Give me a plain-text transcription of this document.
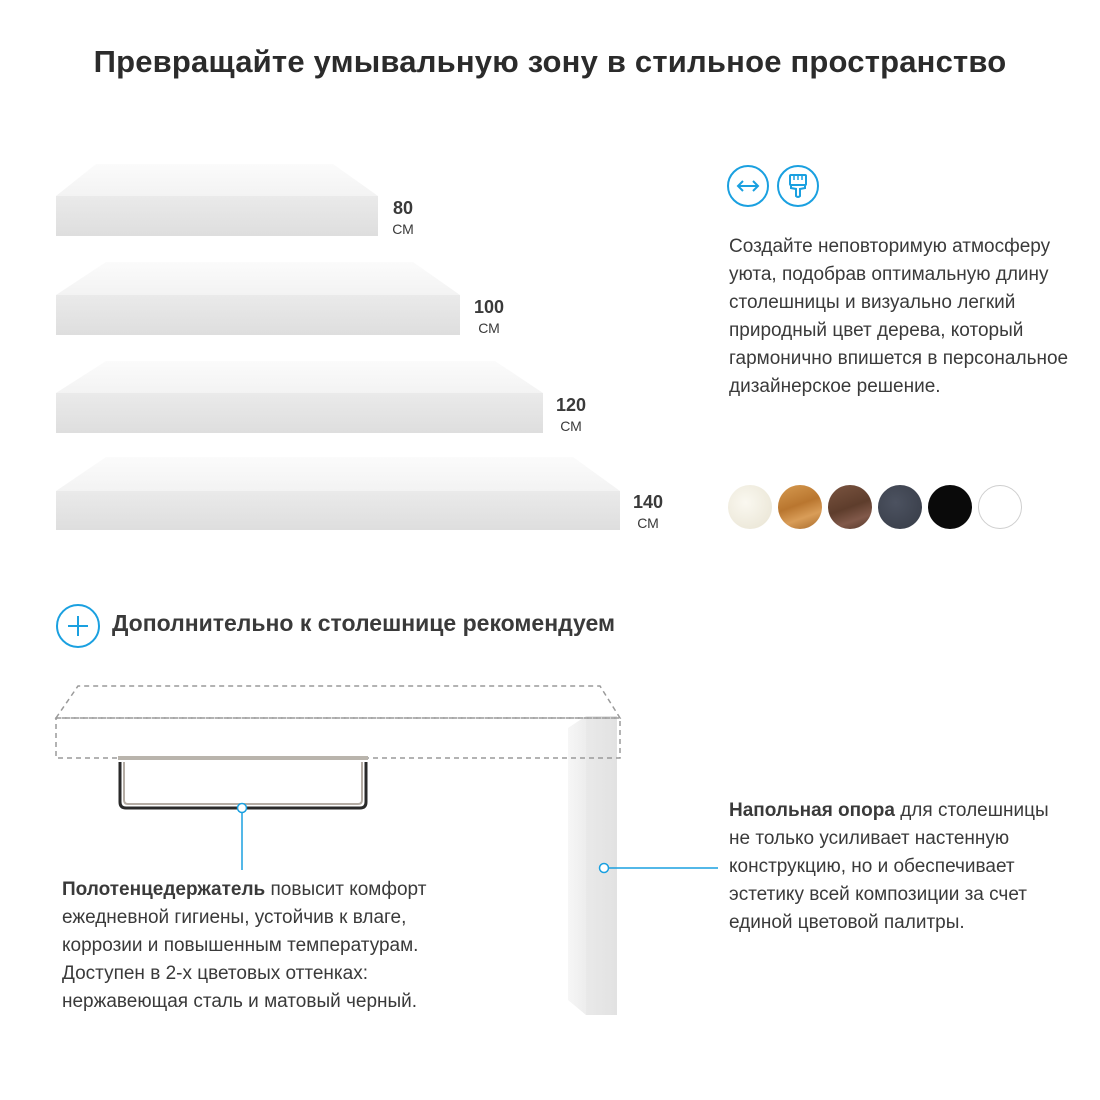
Превращайте умывальную зону в стильное пространство
80
СМ
100
СМ
120
СМ
140
СМ
Создайте неповторимую атмосферу уюта, подобрав оптимальную длину столешницы и визуально легкий природный цвет дерева, который гармонично впишется в персональное дизайнерское решение.
Дополнительно к столешнице рекомендуем
Полотенцедержатель повысит комфорт ежедневной гигиены, устойчив к влаге, коррозии и повышенным температурам. Доступен в 2-х цветовых оттенках: нержавеющая сталь и матовый черный.
Напольная опора для столешницы не только усиливает настенную конструкцию, но и обеспечивает эстетику всей композиции за счет единой цветовой палитры.
